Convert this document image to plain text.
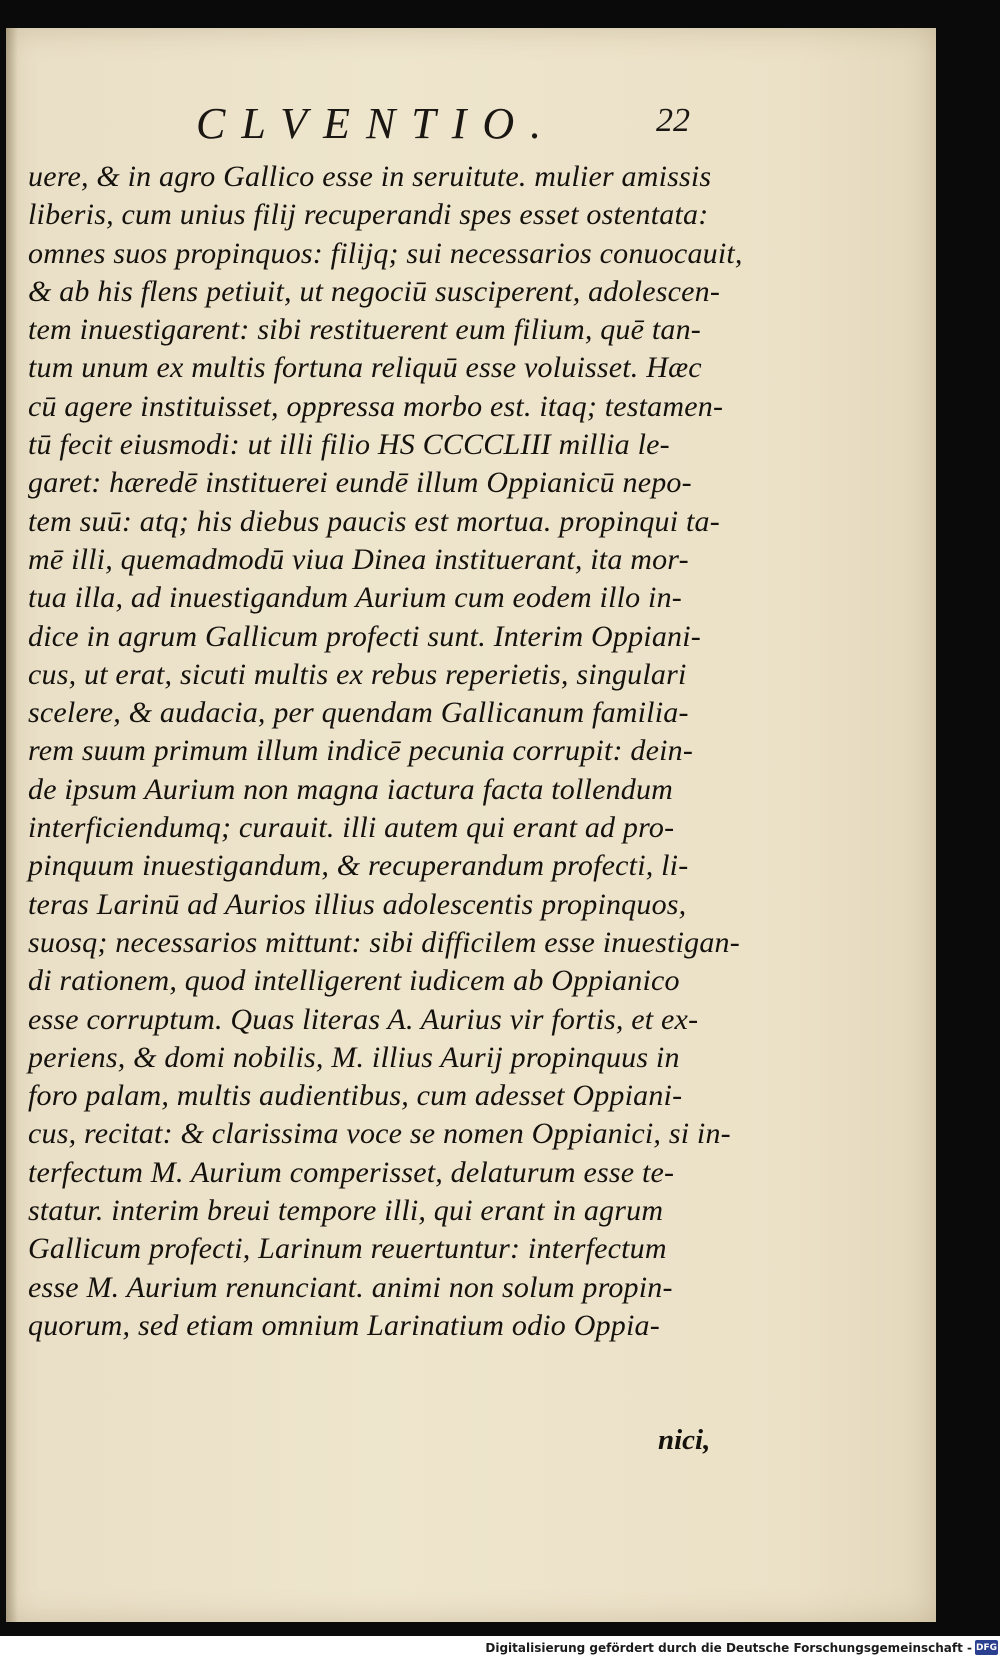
CLVENTIO.	22
uere, & in agro Gallico esse in seruitute. mulier amissis
liberis, cum unius filij recuperandi spes esset ostentata:
omnes suos propinquos: filijq; sui necessarios conuocauit,
& ab his flens petiuit, ut negociū susciperent, adolescen-
tem inuestigarent: sibi restituerent eum filium, quē tan-
tum unum ex multis fortuna reliquū esse voluisset. Hæc
cū agere instituisset, oppressa morbo est. itaq; testamen-
tū fecit eiusmodi: ut illi filio HS CCCCLIII millia le-
garet: hæredē instituerei eundē illum Oppianicū nepo-
tem suū: atq; his diebus paucis est mortua. propinqui ta-
mē illi, quemadmodū viua Dinea instituerant, ita mor-
tua illa, ad inuestigandum Aurium cum eodem illo in-
dice in agrum Gallicum profecti sunt. Interim Oppiani-
cus, ut erat, sicuti multis ex rebus reperietis, singulari
scelere, & audacia, per quendam Gallicanum familia-
rem suum primum illum indicē pecunia corrupit: dein-
de ipsum Aurium non magna iactura facta tollendum
interficiendumq; curauit. illi autem qui erant ad pro-
pinquum inuestigandum, & recuperandum profecti, li-
teras Larinū ad Aurios illius adolescentis propinquos,
suosq; necessarios mittunt: sibi difficilem esse inuestigan-
di rationem, quod intelligerent iudicem ab Oppianico
esse corruptum. Quas literas A. Aurius vir fortis, et ex-
periens, & domi nobilis, M. illius Aurij propinquus in
foro palam, multis audientibus, cum adesset Oppiani-
cus, recitat: & clarissima voce se nomen Oppianici, si in-
terfectum M. Aurium comperisset, delaturum esse te-
statur. interim breui tempore illi, qui erant in agrum
Gallicum profecti, Larinum reuertuntur: interfectum
esse M. Aurium renunciant. animi non solum propin-
quorum, sed etiam omnium Larinatium odio Oppia-
nici,
Digitalisierung gefördert durch die Deutsche Forschungsgemeinschaft - DFG
